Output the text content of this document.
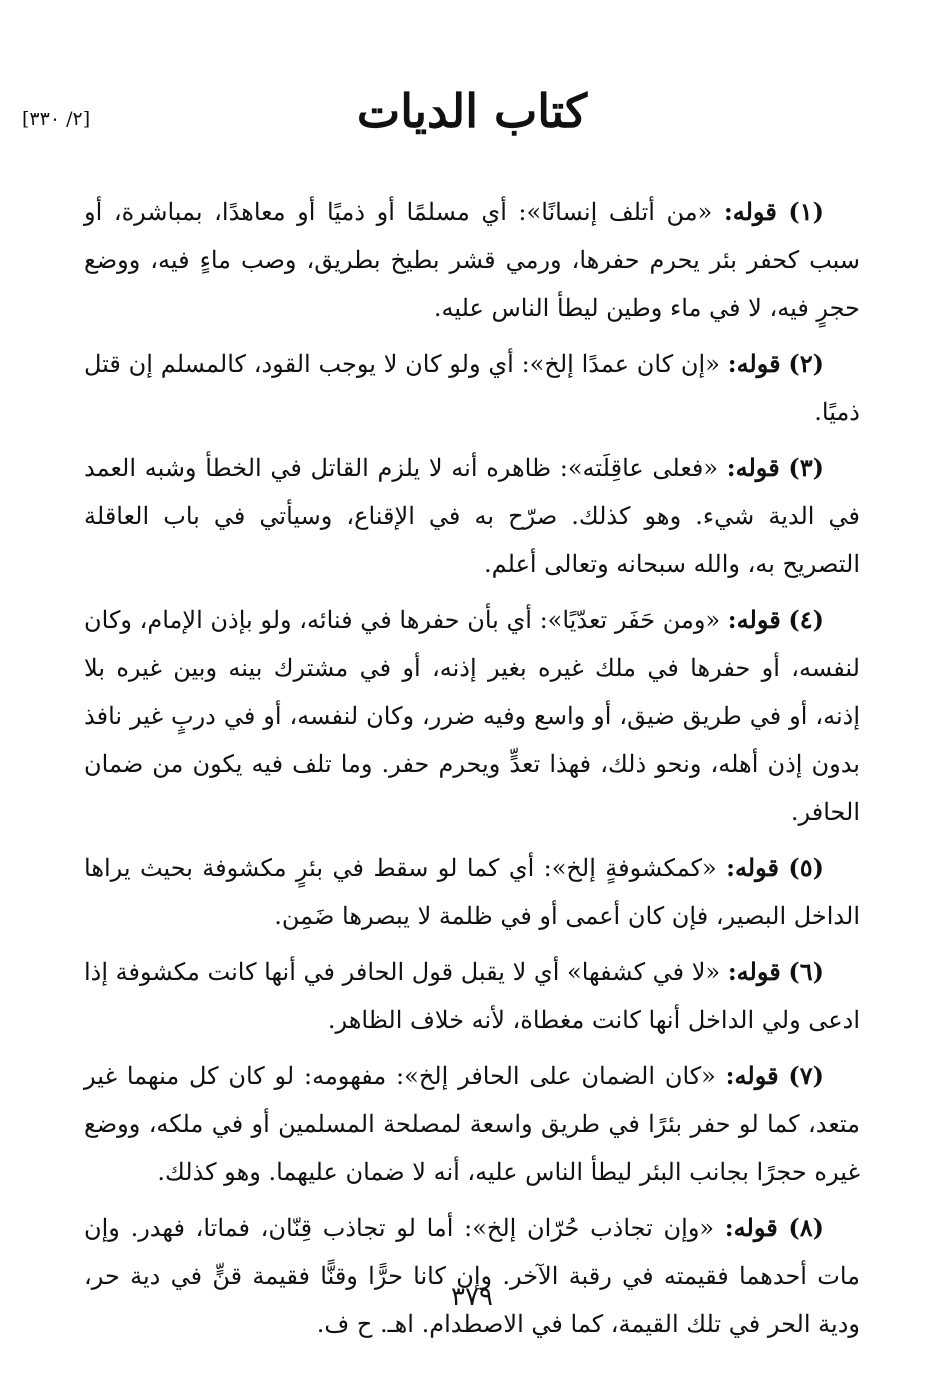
[٢/ ٣٣٠]	كتاب الديات

(١) قوله: «من أتلف إنسانًا»: أي مسلمًا أو ذميًا أو معاهدًا، بمباشرة، أو سبب كحفر بئر يحرم حفرها، ورمي قشر بطيخ بطريق، وصب ماءٍ فيه، ووضع حجرٍ فيه، لا في ماء وطين ليطأ الناس عليه.

(٢) قوله: «إن كان عمدًا إلخ»: أي ولو كان لا يوجب القود، كالمسلم إن قتل ذميًا.

(٣) قوله: «فعلى عاقِلَته»: ظاهره أنه لا يلزم القاتل في الخطأ وشبه العمد في الدية شيء. وهو كذلك. صرّح به في الإقناع، وسيأتي في باب العاقلة التصريح به، والله سبحانه وتعالى أعلم.

(٤) قوله: «ومن حَفَر تعدّيًا»: أي بأن حفرها في فنائه، ولو بإذن الإمام، وكان لنفسه، أو حفرها في ملك غيره بغير إذنه، أو في مشترك بينه وبين غيره بلا إذنه، أو في طريق ضيق، أو واسع وفيه ضرر، وكان لنفسه، أو في دربٍ غير نافذ بدون إذن أهله، ونحو ذلك، فهذا تعدٍّ ويحرم حفر. وما تلف فيه يكون من ضمان الحافر.

(٥) قوله: «كمكشوفةٍ إلخ»: أي كما لو سقط في بئرٍ مكشوفة بحيث يراها الداخل البصير، فإن كان أعمى أو في ظلمة لا يبصرها ضَمِن.

(٦) قوله: «لا في كشفها» أي لا يقبل قول الحافر في أنها كانت مكشوفة إذا ادعى ولي الداخل أنها كانت مغطاة، لأنه خلاف الظاهر.

(٧) قوله: «كان الضمان على الحافر إلخ»: مفهومه: لو كان كل منهما غير متعد، كما لو حفر بئرًا في طريق واسعة لمصلحة المسلمين أو في ملكه، ووضع غيره حجرًا بجانب البئر ليطأ الناس عليه، أنه لا ضمان عليهما. وهو كذلك.

(٨) قوله: «وإن تجاذب حُرّان إلخ»: أما لو تجاذب قِنّان، فماتا، فهدر. وإن مات أحدهما فقيمته في رقبة الآخر. وإن كانا حرًّا وقنًّا فقيمة قنٍّ في دية حر، ودية الحر في تلك القيمة، كما في الاصطدام. اهـ. ح ف.

٣٧٩
